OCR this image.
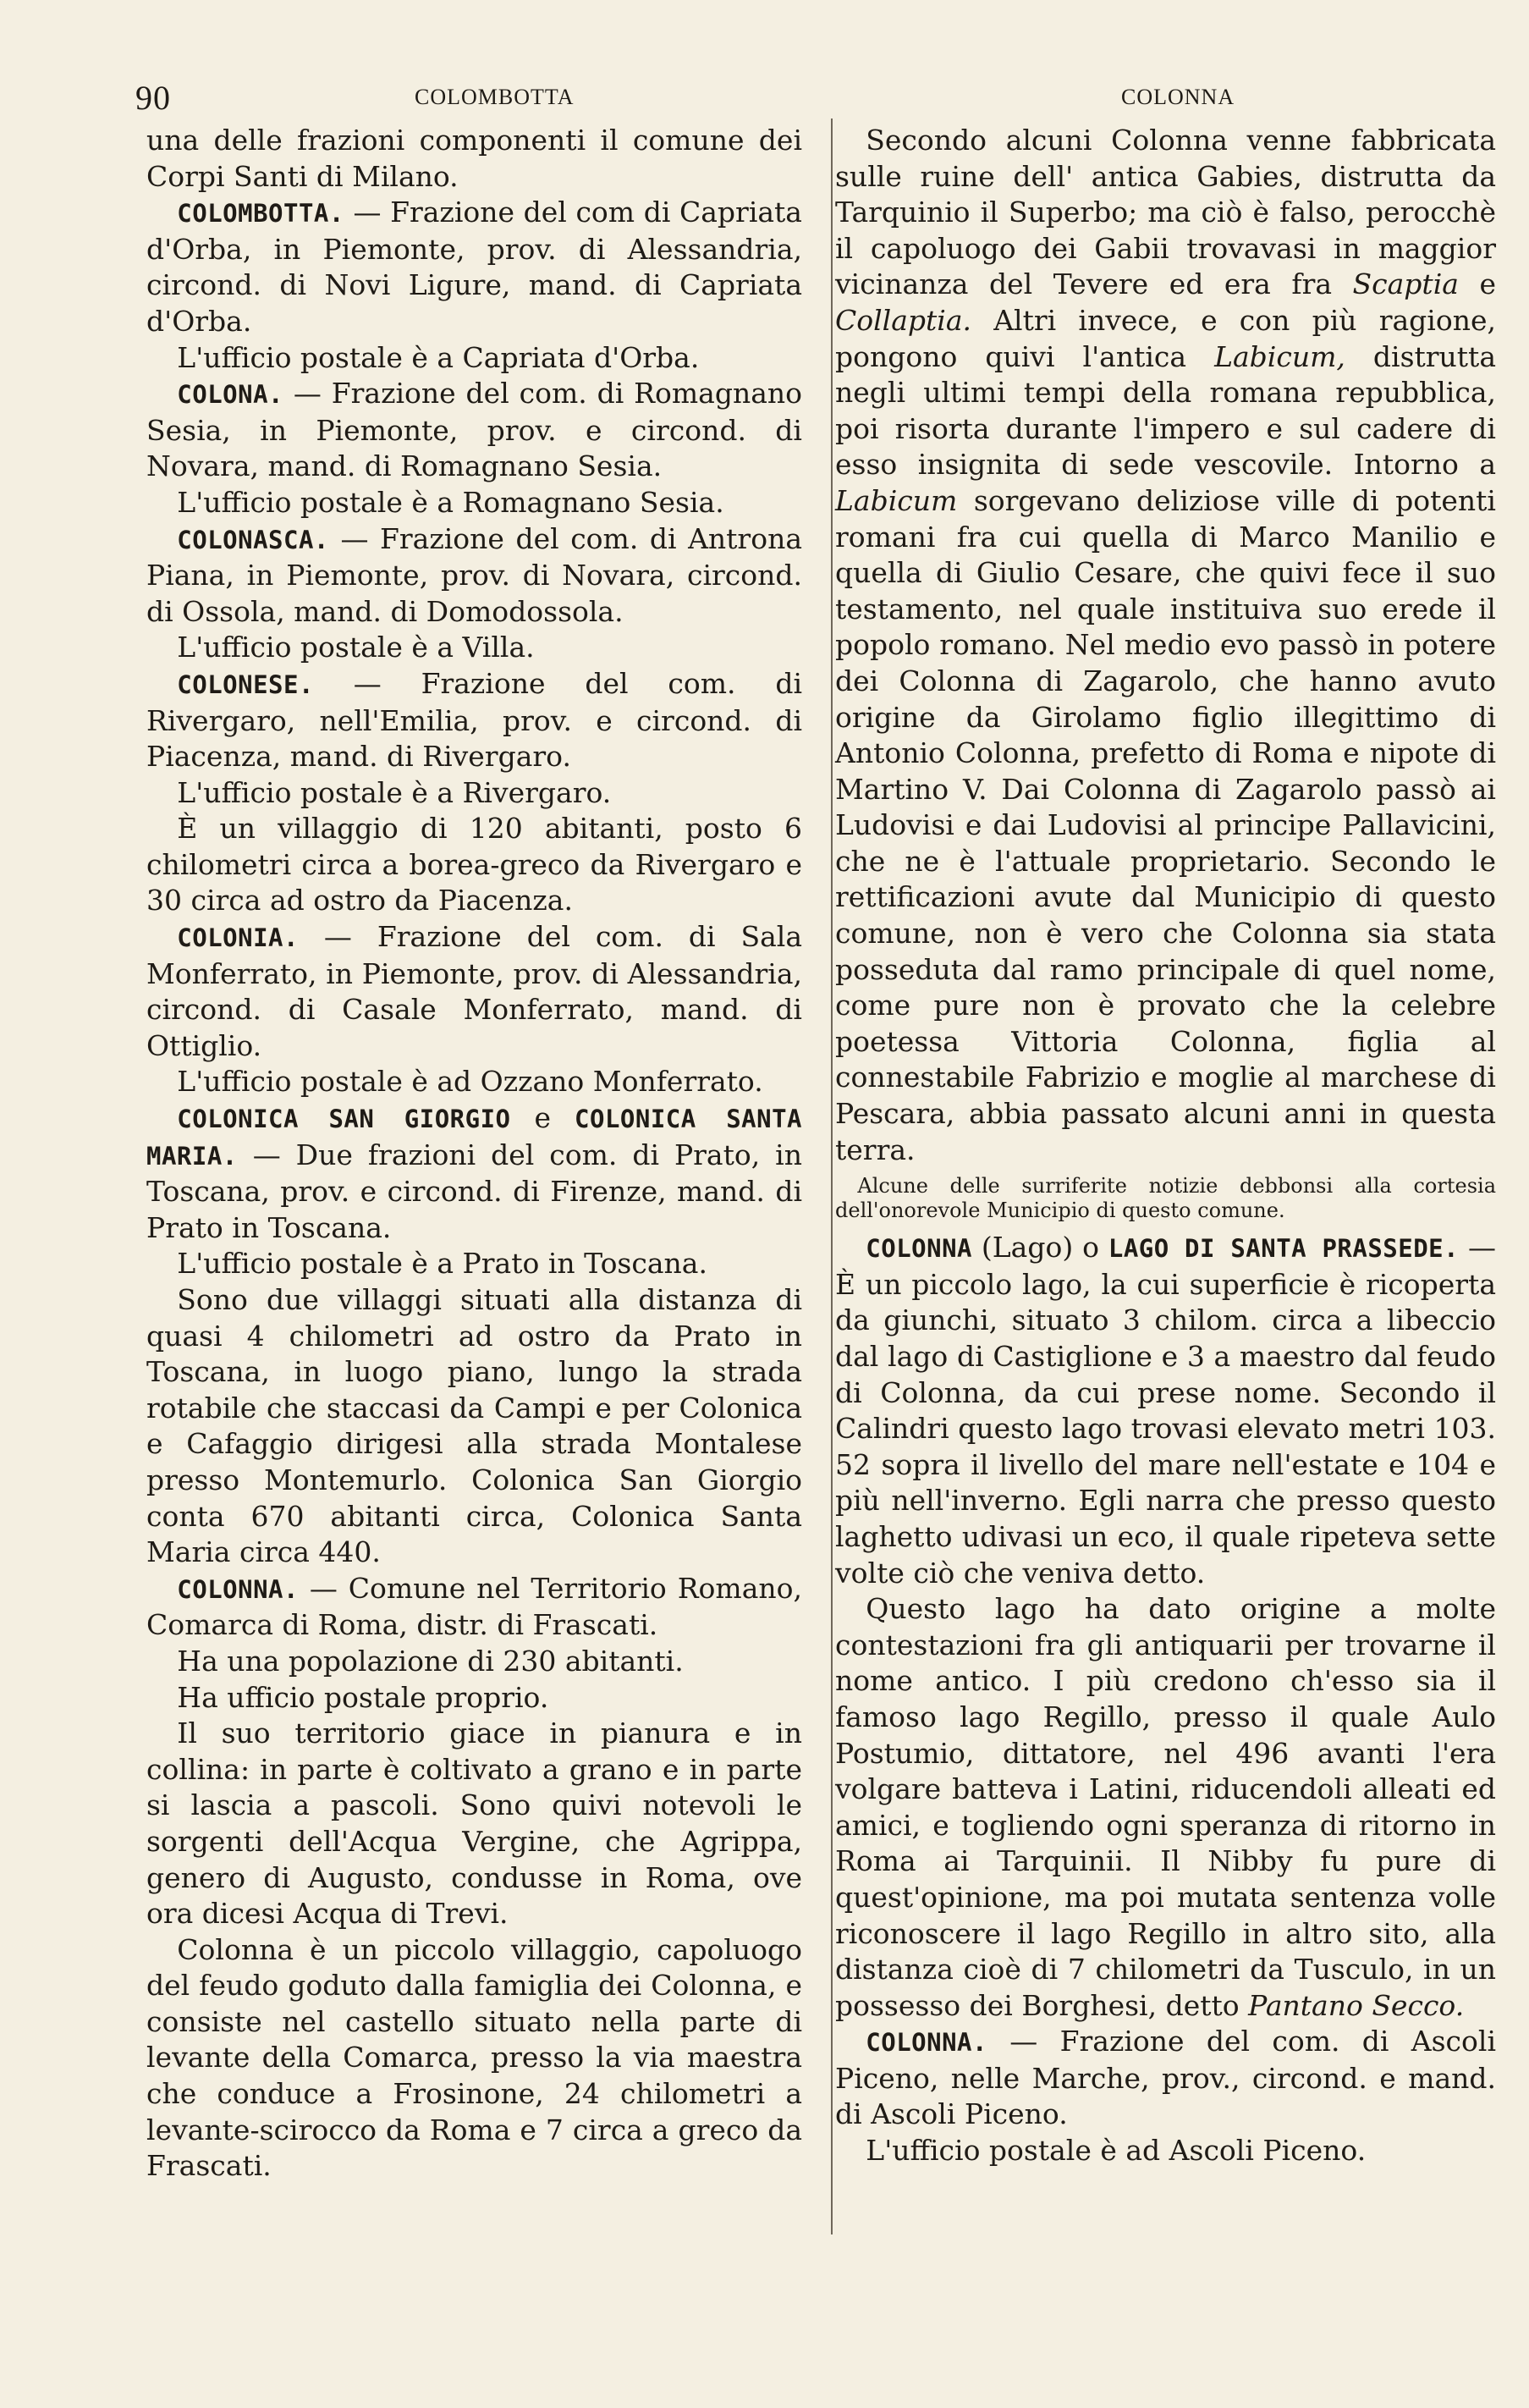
90	COLOMBOTTA	COLONNA

una delle frazioni componenti il comune dei Corpi Santi di Milano.

COLOMBOTTA. — Frazione del com di Capriata d'Orba, in Piemonte, prov. di Alessandria, circond. di Novi Ligure, mand. di Capriata d'Orba.

L'ufficio postale è a Capriata d'Orba.

COLONA. — Frazione del com. di Romagnano Sesia, in Piemonte, prov. e circond. di Novara, mand. di Romagnano Sesia.

L'ufficio postale è a Romagnano Sesia.

COLONASCA. — Frazione del com. di Antrona Piana, in Piemonte, prov. di Novara, circond. di Ossola, mand. di Domodossola.

L'ufficio postale è a Villa.

COLONESE. — Frazione del com. di Rivergaro, nell'Emilia, prov. e circond. di Piacenza, mand. di Rivergaro.

L'ufficio postale è a Rivergaro.

È un villaggio di 120 abitanti, posto 6 chilometri circa a borea-greco da Rivergaro e 30 circa ad ostro da Piacenza.

COLONIA. — Frazione del com. di Sala Monferrato, in Piemonte, prov. di Alessandria, circond. di Casale Monferrato, mand. di Ottiglio.

L'ufficio postale è ad Ozzano Monferrato.

COLONICA SAN GIORGIO e COLONICA SANTA MARIA. — Due frazioni del com. di Prato, in Toscana, prov. e circond. di Firenze, mand. di Prato in Toscana.

L'ufficio postale è a Prato in Toscana.

Sono due villaggi situati alla distanza di quasi 4 chilometri ad ostro da Prato in Toscana, in luogo piano, lungo la strada rotabile che staccasi da Campi e per Colonica e Cafaggio dirigesi alla strada Montalese presso Montemurlo. Colonica San Giorgio conta 670 abitanti circa, Colonica Santa Maria circa 440.

COLONNA. — Comune nel Territorio Romano, Comarca di Roma, distr. di Frascati.

Ha una popolazione di 230 abitanti.

Ha ufficio postale proprio.

Il suo territorio giace in pianura e in collina: in parte è coltivato a grano e in parte si lascia a pascoli. Sono quivi notevoli le sorgenti dell'Acqua Vergine, che Agrippa, genero di Augusto, condusse in Roma, ove ora dicesi Acqua di Trevi.

Colonna è un piccolo villaggio, capoluogo del feudo goduto dalla famiglia dei Colonna, e consiste nel castello situato nella parte di levante della Comarca, presso la via maestra che conduce a Frosinone, 24 chilometri a levante-scirocco da Roma e 7 circa a greco da Frascati.

Secondo alcuni Colonna venne fabbricata sulle ruine dell' antica Gabies, distrutta da Tarquinio il Superbo; ma ciò è falso, perocchè il capoluogo dei Gabii trovavasi in maggior vicinanza del Tevere ed era fra Scaptia e Collaptia. Altri invece, e con più ragione, pongono quivi l'antica Labicum, distrutta negli ultimi tempi della romana repubblica, poi risorta durante l'impero e sul cadere di esso insignita di sede vescovile. Intorno a Labicum sorgevano deliziose ville di potenti romani fra cui quella di Marco Manilio e quella di Giulio Cesare, che quivi fece il suo testamento, nel quale instituiva suo erede il popolo romano. Nel medio evo passò in potere dei Colonna di Zagarolo, che hanno avuto origine da Girolamo figlio illegittimo di Antonio Colonna, prefetto di Roma e nipote di Martino V. Dai Colonna di Zagarolo passò ai Ludovisi e dai Ludovisi al principe Pallavicini, che ne è l'attuale proprietario. Secondo le rettificazioni avute dal Municipio di questo comune, non è vero che Colonna sia stata posseduta dal ramo principale di quel nome, come pure non è provato che la celebre poetessa Vittoria Colonna, figlia al connestabile Fabrizio e moglie al marchese di Pescara, abbia passato alcuni anni in questa terra.

Alcune delle surriferite notizie debbonsi alla cortesia dell'onorevole Municipio di questo comune.

COLONNA (Lago) o LAGO DI SANTA PRASSEDE. — È un piccolo lago, la cui superficie è ricoperta da giunchi, situato 3 chilom. circa a libeccio dal lago di Castiglione e 3 a maestro dal feudo di Colonna, da cui prese nome. Secondo il Calindri questo lago trovasi elevato metri 103. 52 sopra il livello del mare nell'estate e 104 e più nell'inverno. Egli narra che presso questo laghetto udivasi un eco, il quale ripeteva sette volte ciò che veniva detto.

Questo lago ha dato origine a molte contestazioni fra gli antiquarii per trovarne il nome antico. I più credono ch'esso sia il famoso lago Regillo, presso il quale Aulo Postumio, dittatore, nel 496 avanti l'era volgare batteva i Latini, riducendoli alleati ed amici, e togliendo ogni speranza di ritorno in Roma ai Tarquinii. Il Nibby fu pure di quest'opinione, ma poi mutata sentenza volle riconoscere il lago Regillo in altro sito, alla distanza cioè di 7 chilometri da Tusculo, in un possesso dei Borghesi, detto Pantano Secco.

COLONNA. — Frazione del com. di Ascoli Piceno, nelle Marche, prov., circond. e mand. di Ascoli Piceno.

L'ufficio postale è ad Ascoli Piceno.
